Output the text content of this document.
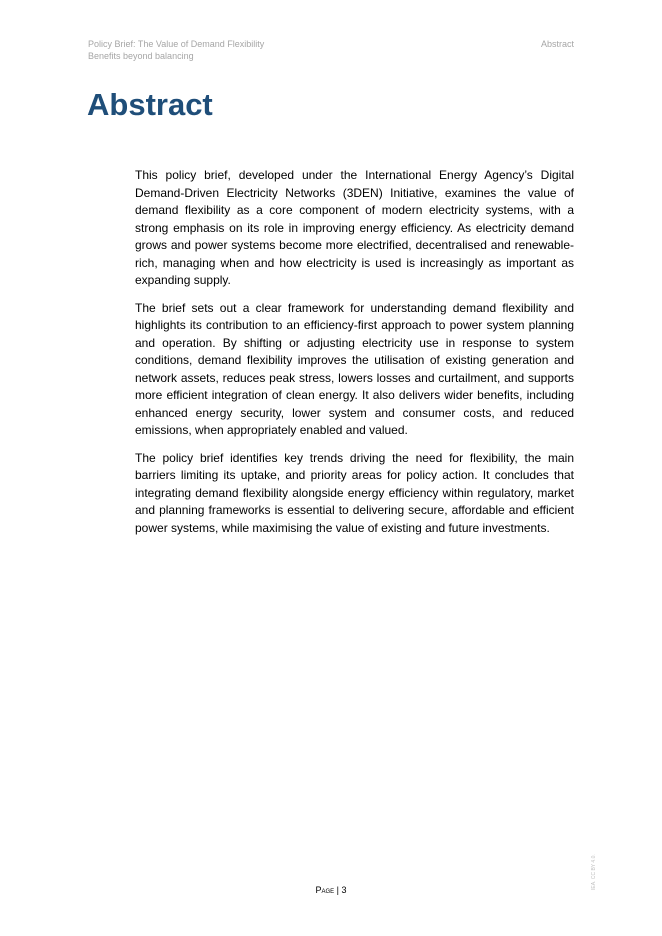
Policy Brief: The Value of Demand Flexibility
Benefits beyond balancing
Abstract
Abstract

This policy brief, developed under the International Energy Agency’s Digital Demand-Driven Electricity Networks (3DEN) Initiative, examines the value of demand flexibility as a core component of modern electricity systems, with a strong emphasis on its role in improving energy efficiency. As electricity demand grows and power systems become more electrified, decentralised and renewable-rich, managing when and how electricity is used is increasingly as important as expanding supply.

The brief sets out a clear framework for understanding demand flexibility and highlights its contribution to an efficiency-first approach to power system planning and operation. By shifting or adjusting electricity use in response to system conditions, demand flexibility improves the utilisation of existing generation and network assets, reduces peak stress, lowers losses and curtailment, and supports more efficient integration of clean energy. It also delivers wider benefits, including enhanced energy security, lower system and consumer costs, and reduced emissions, when appropriately enabled and valued.

The policy brief identifies key trends driving the need for flexibility, the main barriers limiting its uptake, and priority areas for policy action. It concludes that integrating demand flexibility alongside energy efficiency within regulatory, market and planning frameworks is essential to delivering secure, affordable and efficient power systems, while maximising the value of existing and future investments.

Page | 3	IEA. CC BY 4.0.
